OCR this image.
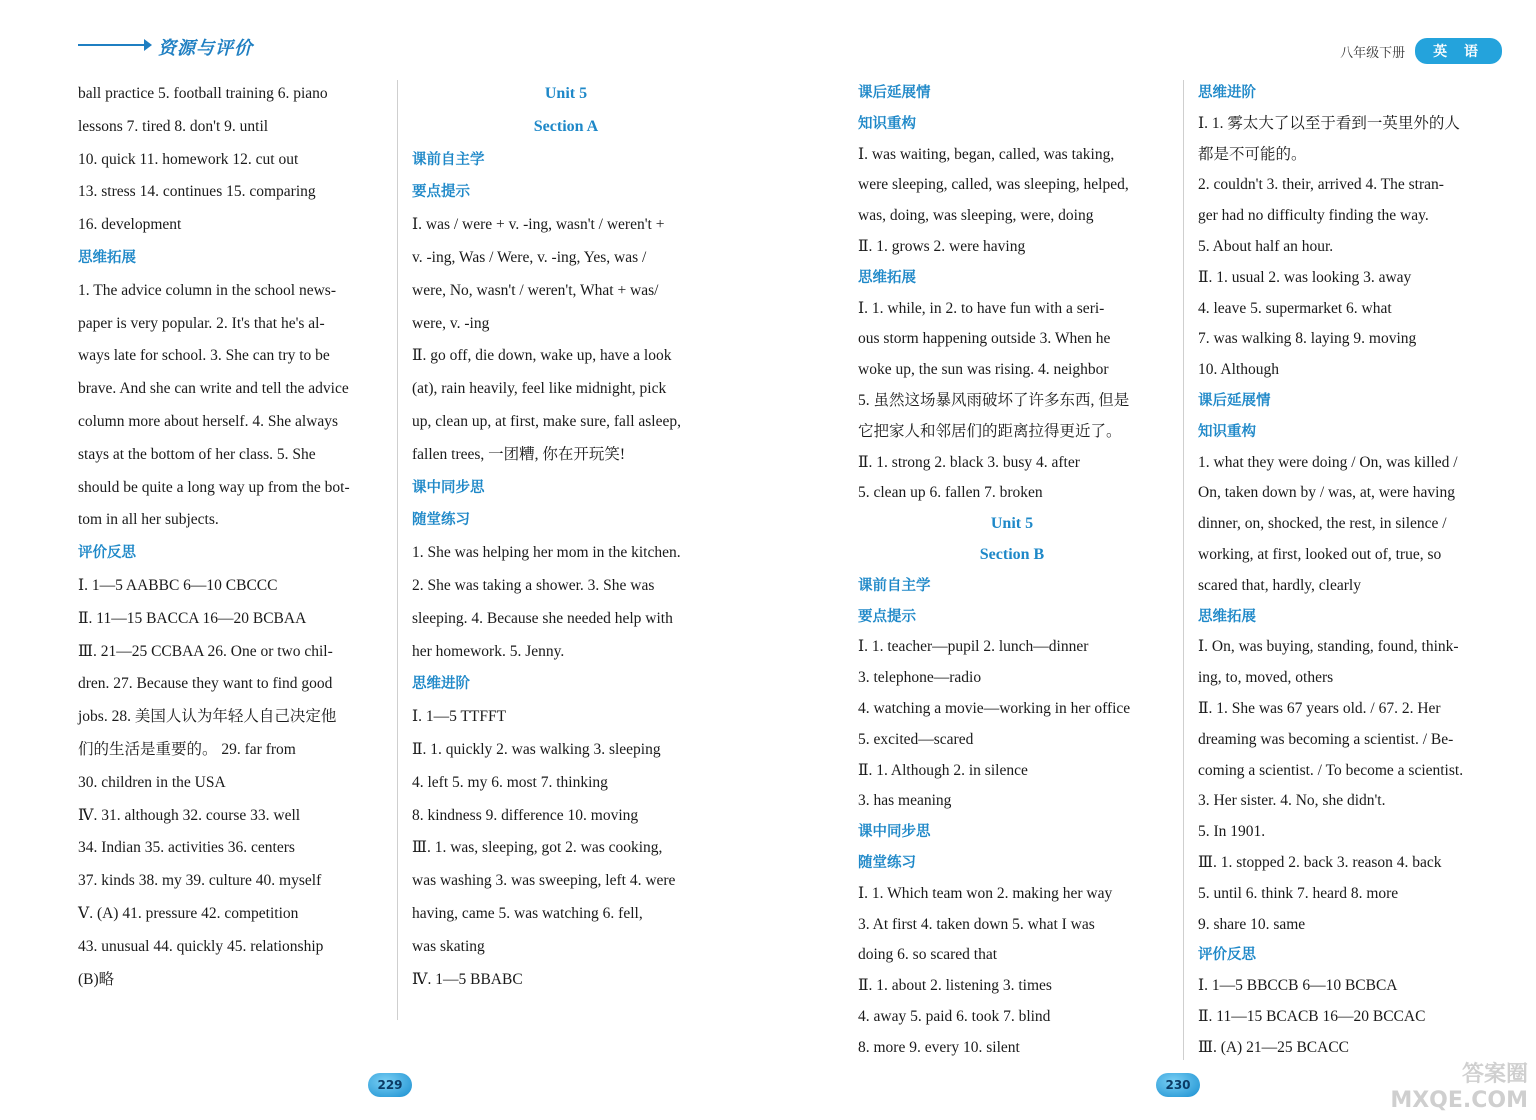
资源与评价	八年级下册	英 语
ball practice 5. football training 6. piano
lessons 7. tired 8. don't 9. until
10. quick 11. homework 12. cut out
13. stress 14. continues 15. comparing
16. development
思维拓展
1. The advice column in the school news-
paper is very popular. 2. It's that he's al-
ways late for school. 3. She can try to be
brave. And she can write and tell the advice
column more about herself. 4. She always
stays at the bottom of her class. 5. She
should be quite a long way up from the bot-
tom in all her subjects.
评价反思
Ⅰ. 1—5 AABBC 6—10 CBCCC
Ⅱ. 11—15 BACCA 16—20 BCBAA
Ⅲ. 21—25 CCBAA 26. One or two chil-
dren. 27. Because they want to find good
jobs. 28. 美国人认为年轻人自己决定他
们的生活是重要的。 29. far from
30. children in the USA
Ⅳ. 31. although 32. course 33. well
34. Indian 35. activities 36. centers
37. kinds 38. my 39. culture 40. myself
Ⅴ. (A) 41. pressure 42. competition
43. unusual 44. quickly 45. relationship
(B)略
Unit 5
Section A
课前自主学
要点提示
Ⅰ. was / were + v. -ing, wasn't / weren't +
v. -ing, Was / Were, v. -ing, Yes, was /
were, No, wasn't / weren't, What + was/
were, v. -ing
Ⅱ. go off, die down, wake up, have a look
(at), rain heavily, feel like midnight, pick
up, clean up, at first, make sure, fall asleep,
fallen trees, 一团糟, 你在开玩笑!
课中同步思
随堂练习
1. She was helping her mom in the kitchen.
2. She was taking a shower. 3. She was
sleeping. 4. Because she needed help with
her homework. 5. Jenny.
思维进阶
Ⅰ. 1—5 TTFFT
Ⅱ. 1. quickly 2. was walking 3. sleeping
4. left 5. my 6. most 7. thinking
8. kindness 9. difference 10. moving
Ⅲ. 1. was, sleeping, got 2. was cooking,
was washing 3. was sweeping, left 4. were
having, came 5. was watching 6. fell,
was skating
Ⅳ. 1—5 BBABC
课后延展情
知识重构
Ⅰ. was waiting, began, called, was taking,
were sleeping, called, was sleeping, helped,
was, doing, was sleeping, were, doing
Ⅱ. 1. grows 2. were having
思维拓展
Ⅰ. 1. while, in 2. to have fun with a seri-
ous storm happening outside 3. When he
woke up, the sun was rising. 4. neighbor
5. 虽然这场暴风雨破坏了许多东西, 但是
它把家人和邻居们的距离拉得更近了。
Ⅱ. 1. strong 2. black 3. busy 4. after
5. clean up 6. fallen 7. broken
Unit 5
Section B
课前自主学
要点提示
Ⅰ. 1. teacher—pupil 2. lunch—dinner
3. telephone—radio
4. watching a movie—working in her office
5. excited—scared
Ⅱ. 1. Although 2. in silence
3. has meaning
课中同步思
随堂练习
Ⅰ. 1. Which team won 2. making her way
3. At first 4. taken down 5. what I was
doing 6. so scared that
Ⅱ. 1. about 2. listening 3. times
4. away 5. paid 6. took 7. blind
8. more 9. every 10. silent
思维进阶
Ⅰ. 1. 雾太大了以至于看到一英里外的人
都是不可能的。
2. couldn't 3. their, arrived 4. The stran-
ger had no difficulty finding the way.
5. About half an hour.
Ⅱ. 1. usual 2. was looking 3. away
4. leave 5. supermarket 6. what
7. was walking 8. laying 9. moving
10. Although
课后延展情
知识重构
1. what they were doing / On, was killed /
On, taken down by / was, at, were having
dinner, on, shocked, the rest, in silence /
working, at first, looked out of, true, so
scared that, hardly, clearly
思维拓展
Ⅰ. On, was buying, standing, found, think-
ing, to, moved, others
Ⅱ. 1. She was 67 years old. / 67. 2. Her
dreaming was becoming a scientist. / Be-
coming a scientist. / To become a scientist.
3. Her sister. 4. No, she didn't.
5. In 1901.
Ⅲ. 1. stopped 2. back 3. reason 4. back
5. until 6. think 7. heard 8. more
9. share 10. same
评价反思
Ⅰ. 1—5 BBCCB 6—10 BCBCA
Ⅱ. 11—15 BCACB 16—20 BCCAC
Ⅲ. (A) 21—25 BCACC
229	230	答案圈
MXQE.COM
